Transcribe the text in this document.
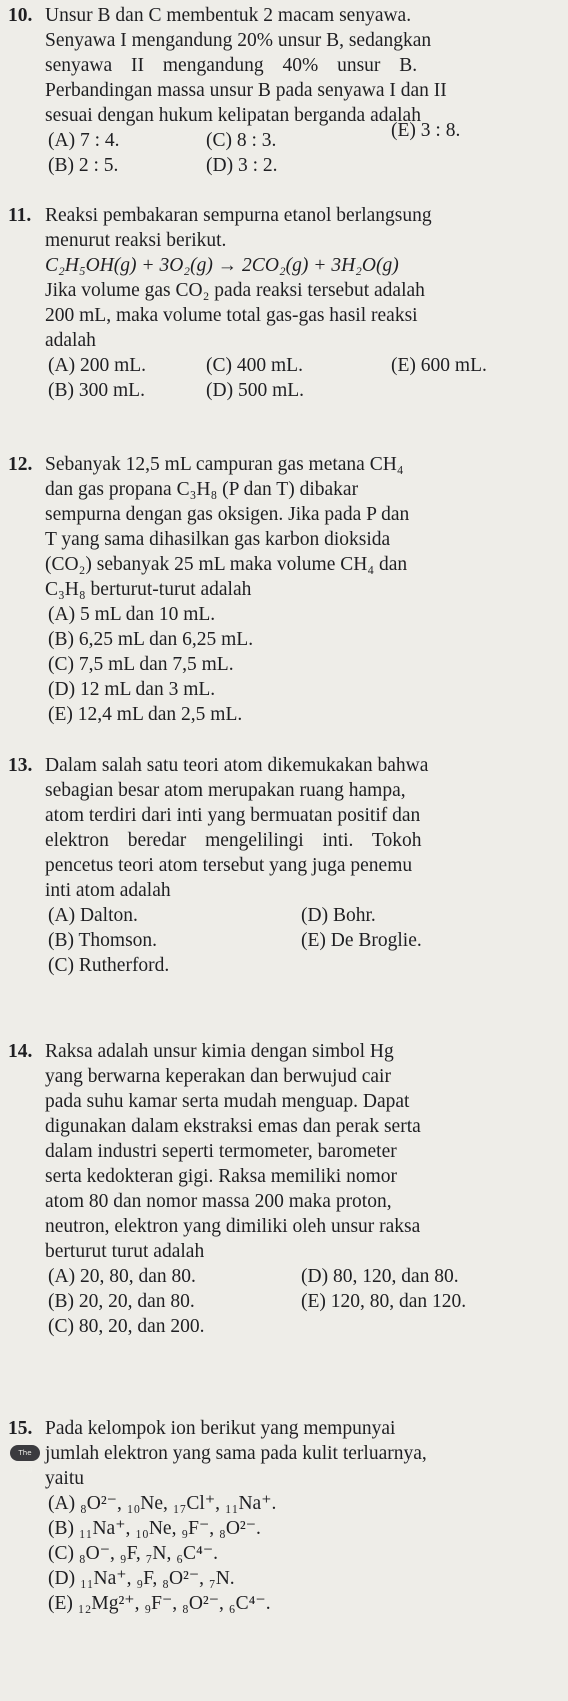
10. Unsur B dan C membentuk 2 macam senyawa.

Senyawa I mengandung 20% unsur B, sedangkan

senyawa II mengandung 40% unsur B.

Perbandingan massa unsur B pada senyawa I dan II

sesuai dengan hukum kelipatan berganda adalah

(A) 7 : 4.	(C) 8 : 3.	(E) 3 : 8.
(B) 2 : 5.	(D) 3 : 2.
11. Reaksi pembakaran sempurna etanol berlangsung

menurut reaksi berikut.

C₂H₅OH(g) + 3O₂(g) → 2CO₂(g) + 3H₂O(g)

Jika volume gas CO₂ pada reaksi tersebut adalah

200 mL, maka volume total gas-gas hasil reaksi

adalah

(A) 200 mL.	(C) 400 mL.	(E) 600 mL.
(B) 300 mL.	(D) 500 mL.
12. Sebanyak 12,5 mL campuran gas metana CH₄

dan gas propana C₃H₈ (P dan T) dibakar

sempurna dengan gas oksigen. Jika pada P dan

T yang sama dihasilkan gas karbon dioksida

(CO₂) sebanyak 25 mL maka volume CH₄ dan

C₃H₈ berturut-turut adalah

(A) 5 mL dan 10 mL.
(B) 6,25 mL dan 6,25 mL.
(C) 7,5 mL dan 7,5 mL.
(D) 12 mL dan 3 mL.
(E) 12,4 mL dan 2,5 mL.
13. Dalam salah satu teori atom dikemukakan bahwa

sebagian besar atom merupakan ruang hampa,

atom terdiri dari inti yang bermuatan positif dan

elektron beredar mengelilingi inti. Tokoh

pencetus teori atom tersebut yang juga penemu

inti atom adalah

(A) Dalton.	(D) Bohr.
(B) Thomson.	(E) De Broglie.
(C) Rutherford.
14. Raksa adalah unsur kimia dengan simbol Hg

yang berwarna keperakan dan berwujud cair

pada suhu kamar serta mudah menguap. Dapat

digunakan dalam ekstraksi emas dan perak serta

dalam industri seperti termometer, barometer

serta kedokteran gigi. Raksa memiliki nomor

atom 80 dan nomor massa 200 maka proton,

neutron, elektron yang dimiliki oleh unsur raksa

berturut turut adalah

(A) 20, 80, dan 80.	(D) 80, 120, dan 80.
(B) 20, 20, dan 80.	(E) 120, 80, dan 120.
(C) 80, 20, dan 200.
15.
The King

Pada kelompok ion berikut yang mempunyai

jumlah elektron yang sama pada kulit terluarnya,

yaitu

(A) ₈O²⁻, ₁₀Ne, ₁₇Cl⁺, ₁₁Na⁺.
(B) ₁₁Na⁺, ₁₀Ne, ₉F⁻, ₈O²⁻.
(C) ₈O⁻, ₉F, ₇N, ₆C⁴⁻.
(D) ₁₁Na⁺, ₉F, ₈O²⁻, ₇N.
(E) ₁₂Mg²⁺, ₉F⁻, ₈O²⁻, ₆C⁴⁻.
